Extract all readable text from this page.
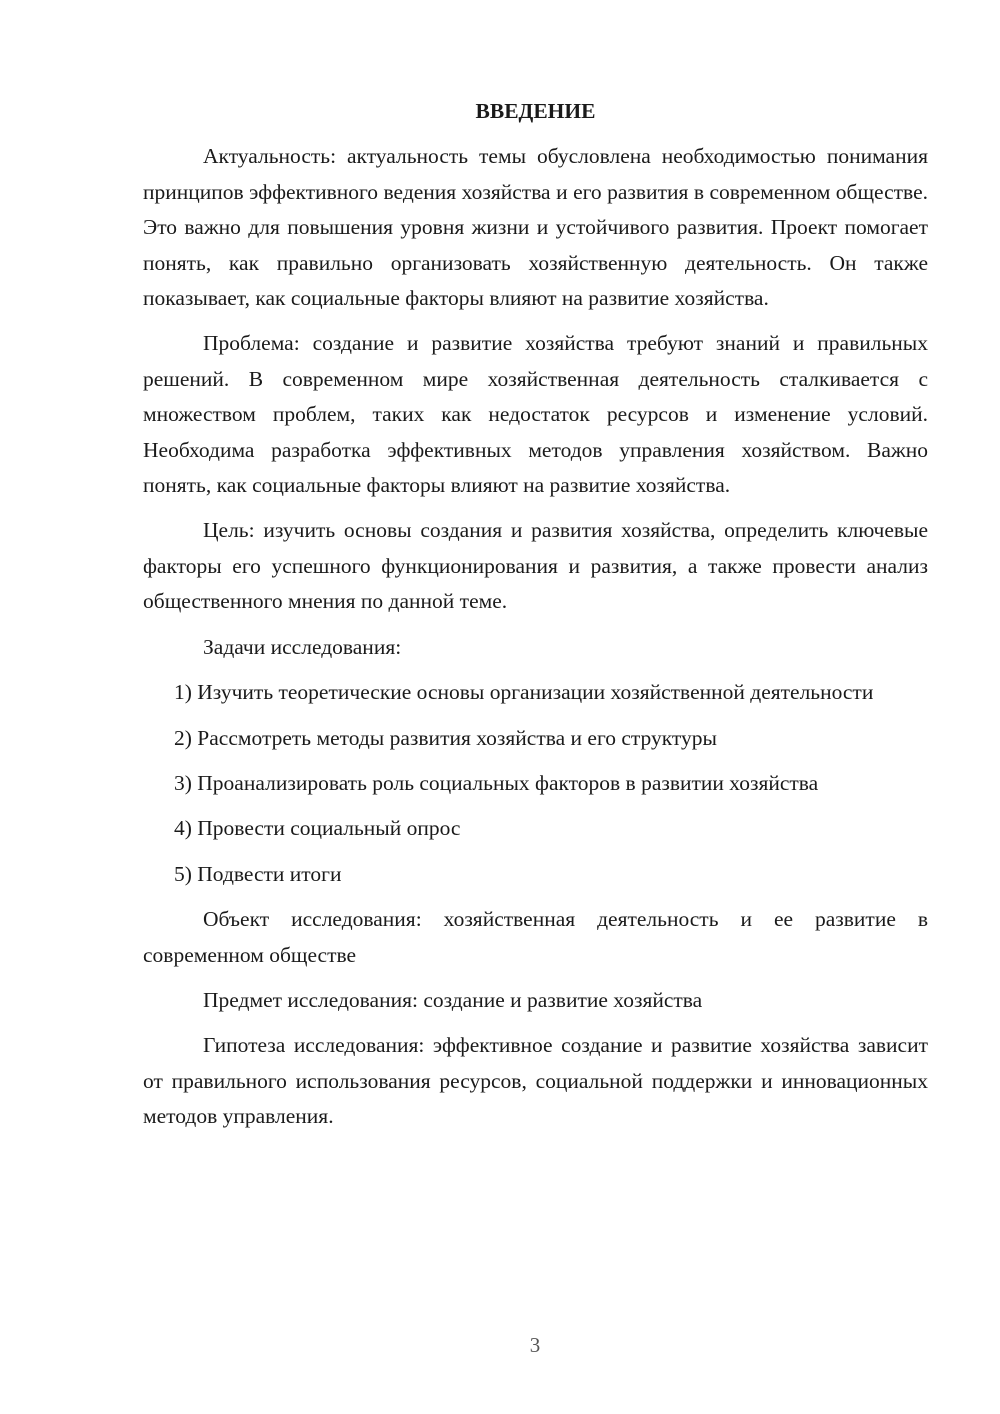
ВВЕДЕНИЕ

Актуальность: актуальность темы обусловлена необходимостью понимания принципов эффективного ведения хозяйства и его развития в современном обществе. Это важно для повышения уровня жизни и устойчивого развития. Проект помогает понять, как правильно организовать хозяйственную деятельность. Он также показывает, как социальные факторы влияют на развитие хозяйства.

Проблема: создание и развитие хозяйства требуют знаний и правильных решений. В современном мире хозяйственная деятельность сталкивается с множеством проблем, таких как недостаток ресурсов и изменение условий. Необходима разработка эффективных методов управления хозяйством. Важно понять, как социальные факторы влияют на развитие хозяйства.

Цель: изучить основы создания и развития хозяйства, определить ключевые факторы его успешного функционирования и развития, а также провести анализ общественного мнения по данной теме.

Задачи исследования:

1) Изучить теоретические основы организации хозяйственной деятельности

2) Рассмотреть методы развития хозяйства и его структуры

3) Проанализировать роль социальных факторов в развитии хозяйства

4) Провести социальный опрос

5) Подвести итоги

Объект исследования: хозяйственная деятельность и ее развитие в современном обществе

Предмет исследования: создание и развитие хозяйства

Гипотеза исследования: эффективное создание и развитие хозяйства зависит от правильного использования ресурсов, социальной поддержки и инновационных методов управления.

3
